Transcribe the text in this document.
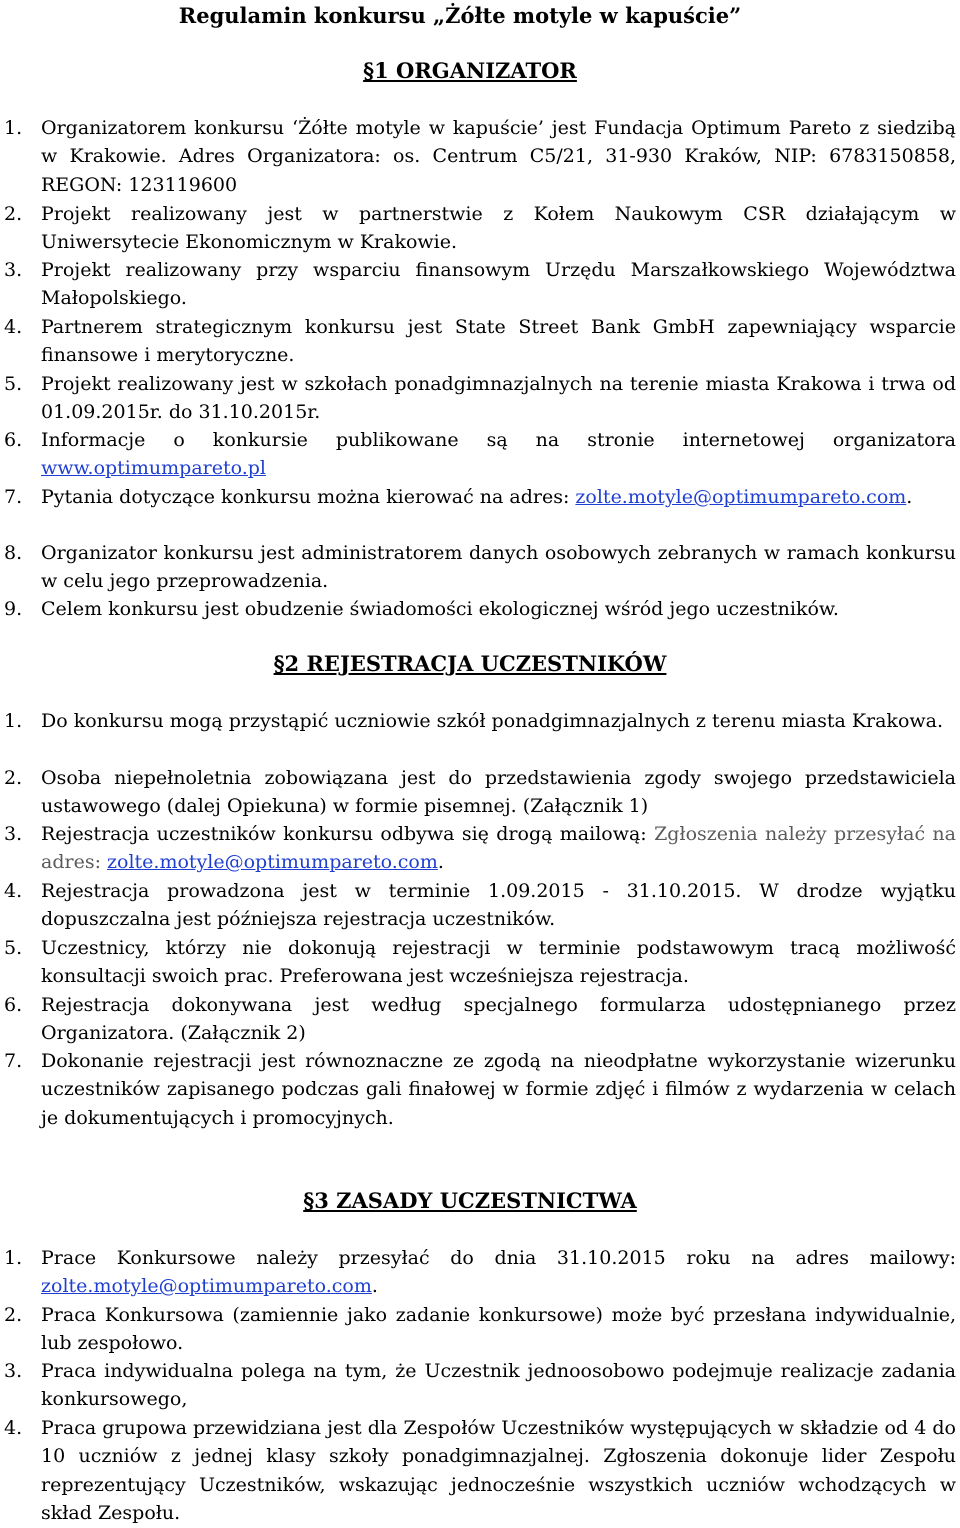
Regulamin konkursu „Żółte motyle w kapuście”
§1 ORGANIZATOR
1. Organizatorem konkursu ‘Żółte motyle w kapuście’ jest Fundacja Optimum Pareto z siedzibą w Krakowie. Adres Organizatora: os. Centrum C5/21, 31-930 Kraków, NIP: 6783150858, REGON: 123119600
2. Projekt realizowany jest w partnerstwie z Kołem Naukowym CSR działającym w Uniwersytecie Ekonomicznym w Krakowie.
3. Projekt realizowany przy wsparciu finansowym Urzędu Marszałkowskiego Województwa Małopolskiego.
4. Partnerem strategicznym konkursu jest State Street Bank GmbH zapewniający wsparcie finansowe i merytoryczne.
5. Projekt realizowany jest w szkołach ponadgimnazjalnych na terenie miasta Krakowa i trwa od 01.09.2015r. do 31.10.2015r.
6. Informacje o konkursie publikowane są na stronie internetowej organizatora www.optimumpareto.pl
7. Pytania dotyczące konkursu można kierować na adres: zolte.motyle@optimumpareto.com.
8. Organizator konkursu jest administratorem danych osobowych zebranych w ramach konkursu w celu jego przeprowadzenia.
9. Celem konkursu jest obudzenie świadomości ekologicznej wśród jego uczestników.
§2 REJESTRACJA UCZESTNIKÓW
1. Do konkursu mogą przystąpić uczniowie szkół ponadgimnazjalnych z terenu miasta Krakowa.
2. Osoba niepełnoletnia zobowiązana jest do przedstawienia zgody swojego przedstawiciela ustawowego (dalej Opiekuna) w formie pisemnej. (Załącznik 1)
3. Rejestracja uczestników konkursu odbywa się drogą mailową: Zgłoszenia należy przesyłać na adres: zolte.motyle@optimumpareto.com.
4. Rejestracja prowadzona jest w terminie 1.09.2015 - 31.10.2015. W drodze wyjątku dopuszczalna jest późniejsza rejestracja uczestników.
5. Uczestnicy, którzy nie dokonują rejestracji w terminie podstawowym tracą możliwość konsultacji swoich prac. Preferowana jest wcześniejsza rejestracja.
6. Rejestracja dokonywana jest według specjalnego formularza udostępnianego przez Organizatora. (Załącznik 2)
7. Dokonanie rejestracji jest równoznaczne ze zgodą na nieodpłatne wykorzystanie wizerunku uczestników zapisanego podczas gali finałowej w formie zdjęć i filmów z wydarzenia w celach je dokumentujących i promocyjnych.
§3 ZASADY UCZESTNICTWA
1. Prace Konkursowe należy przesyłać do dnia 31.10.2015 roku na adres mailowy: zolte.motyle@optimumpareto.com.
2. Praca Konkursowa (zamiennie jako zadanie konkursowe) może być przesłana indywidualnie, lub zespołowo.
3. Praca indywidualna polega na tym, że Uczestnik jednoosobowo podejmuje realizacje zadania konkursowego,
4. Praca grupowa przewidziana jest dla Zespołów Uczestników występujących w składzie od 4 do 10 uczniów z jednej klasy szkoły ponadgimnazjalnej. Zgłoszenia dokonuje lider Zespołu reprezentujący Uczestników, wskazując jednocześnie wszystkich uczniów wchodzących w skład Zespołu.
